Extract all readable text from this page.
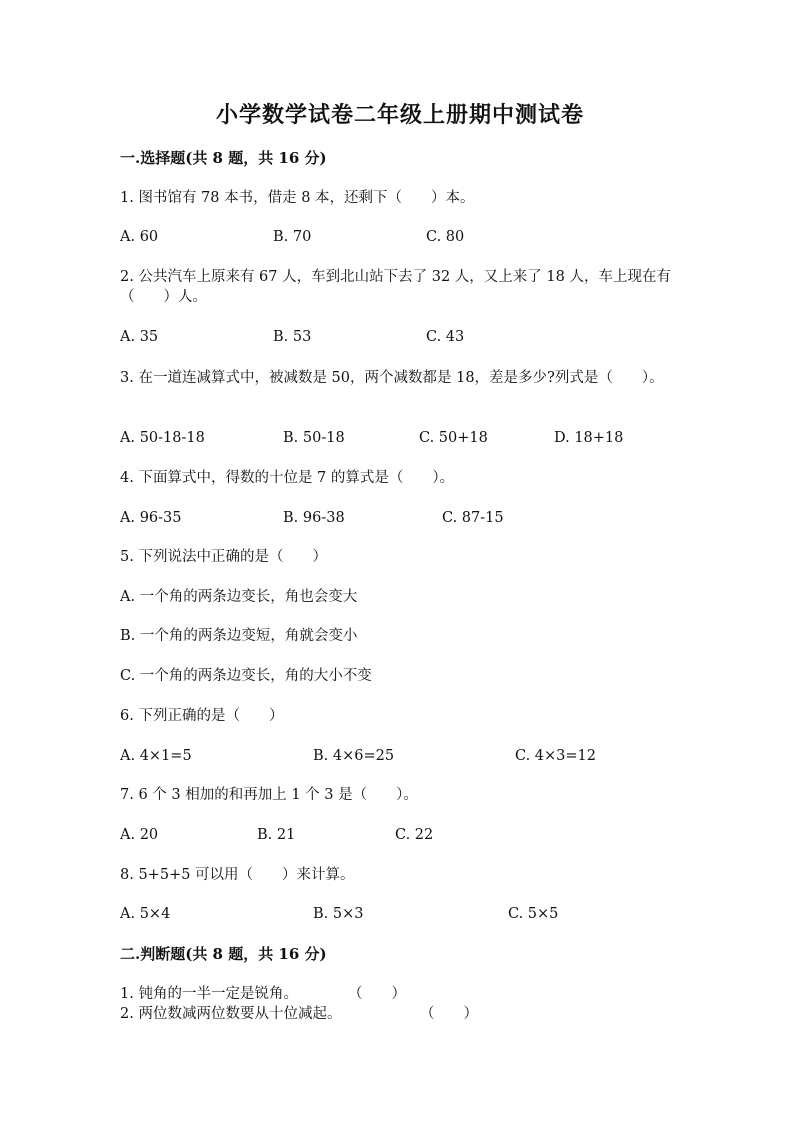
小学数学试卷二年级上册期中测试卷
一.选择题(共 8 题，共 16 分)
1. 图书馆有 78 本书，借走 8 本，还剩下（　　）本。
A. 60	B. 70	C. 80
2. 公共汽车上原来有 67 人，车到北山站下去了 32 人，又上来了 18 人，车上现在有（　　）人。
A. 35	B. 53	C. 43
3. 在一道连减算式中，被减数是 50，两个减数都是 18，差是多少?列式是（　　）。
A. 50-18-18	B. 50-18	C. 50+18	D. 18+18
4. 下面算式中，得数的十位是 7 的算式是（　　）。
A. 96-35	B. 96-38	C. 87-15
5. 下列说法中正确的是（　　）
A. 一个角的两条边变长，角也会变大
B. 一个角的两条边变短，角就会变小
C. 一个角的两条边变长，角的大小不变
6. 下列正确的是（　　）
A. 4×1=5	B. 4×6=25	C. 4×3=12
7. 6 个 3 相加的和再加上 1 个 3 是（　　）。
A. 20	B. 21	C. 22
8. 5+5+5 可以用（　　）来计算。
A. 5×4	B. 5×3	C. 5×5
二.判断题(共 8 题，共 16 分)
1. 钝角的一半一定是锐角。	（　　）
2. 两位数减两位数要从十位减起。	（　　）
